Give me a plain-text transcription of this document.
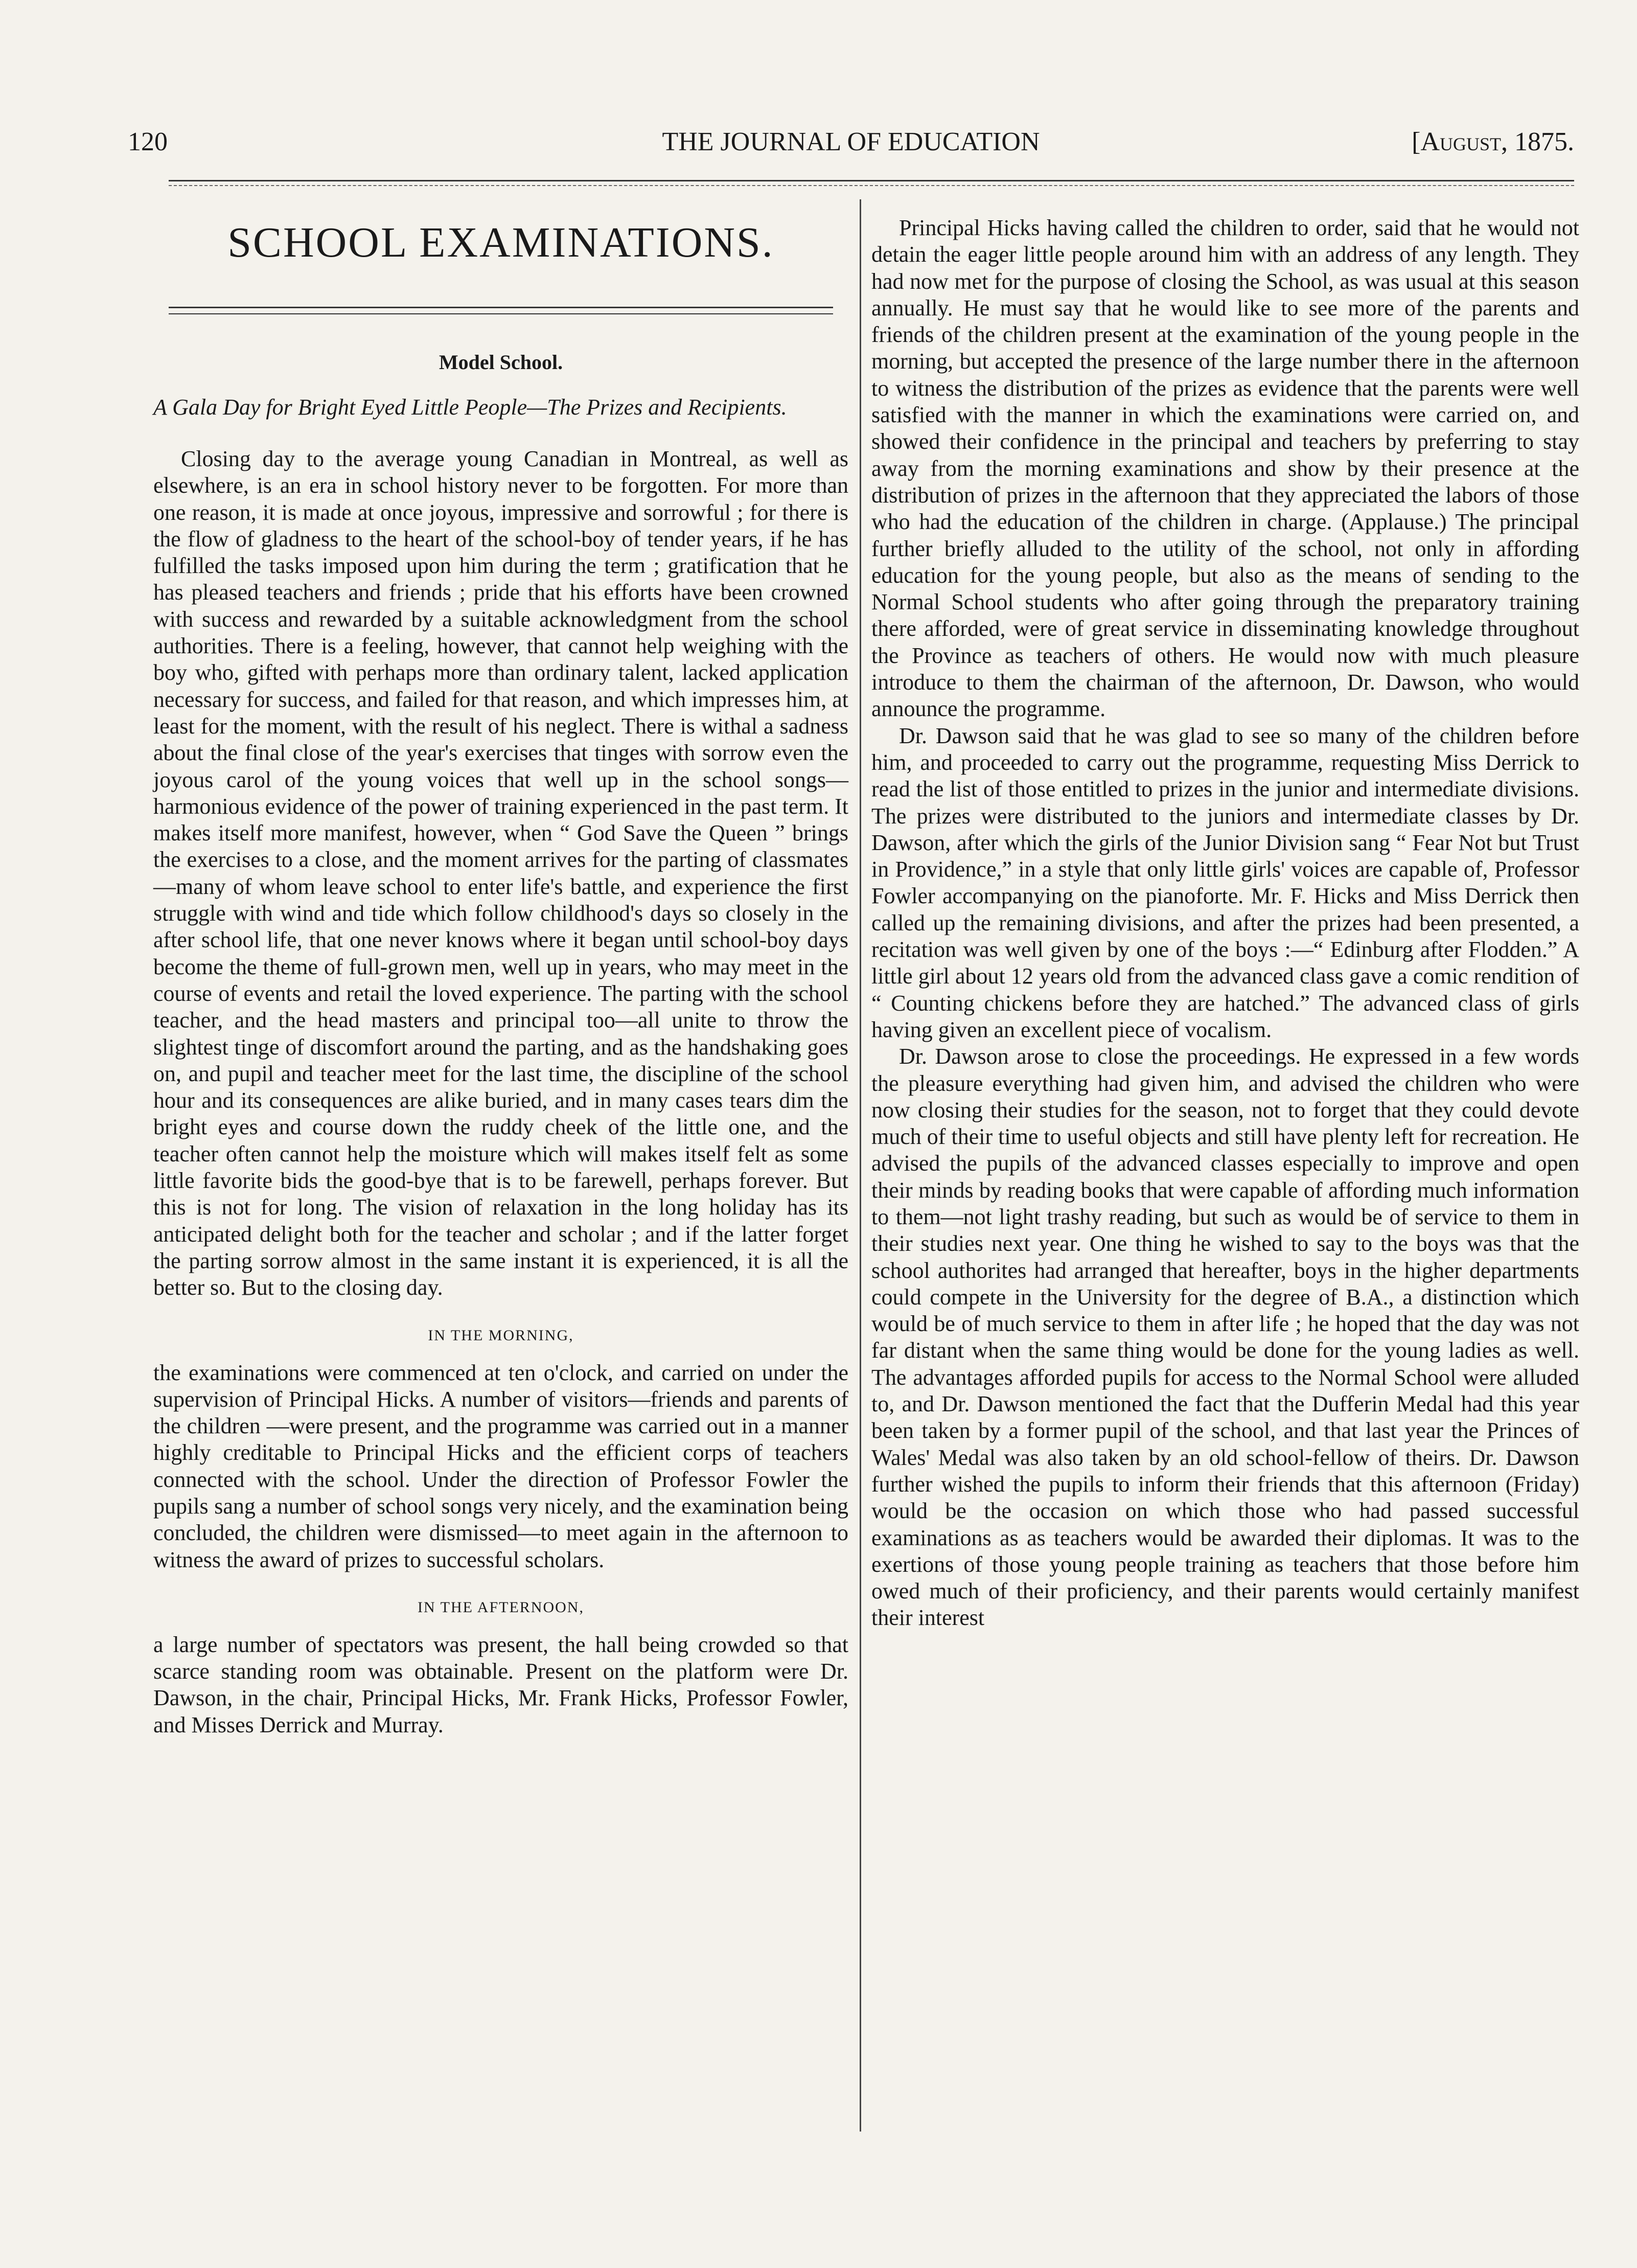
120	THE JOURNAL OF EDUCATION	[August, 1875.
SCHOOL EXAMINATIONS.
Model School.
A Gala Day for Bright Eyed Little People—The Prizes and Recipients.

Closing day to the average young Canadian in Montreal, as well as elsewhere, is an era in school history never to be forgotten. For more than one reason, it is made at once joyous, impressive and sorrowful ; for there is the flow of gladness to the heart of the school-boy of tender years, if he has fulfilled the tasks imposed upon him during the term ; gratification that he has pleased teachers and friends ; pride that his efforts have been crowned with success and rewarded by a suitable acknowledgment from the school authorities. There is a feeling, however, that cannot help weighing with the boy who, gifted with perhaps more than ordinary talent, lacked application necessary for success, and failed for that reason, and which impresses him, at least for the moment, with the result of his neglect. There is withal a sadness about the final close of the year's exercises that tinges with sorrow even the joyous carol of the young voices that well up in the school songs—harmonious evidence of the power of training experienced in the past term. It makes itself more manifest, however, when “ God Save the Queen ” brings the exercises to a close, and the moment arrives for the parting of classmates—many of whom leave school to enter life's battle, and experience the first struggle with wind and tide which follow childhood's days so closely in the after school life, that one never knows where it began until school-boy days become the theme of full-grown men, well up in years, who may meet in the course of events and retail the loved experience. The parting with the school teacher, and the head masters and principal too—all unite to throw the slightest tinge of discomfort around the parting, and as the handshaking goes on, and pupil and teacher meet for the last time, the discipline of the school hour and its consequences are alike buried, and in many cases tears dim the bright eyes and course down the ruddy cheek of the little one, and the teacher often cannot help the moisture which will makes itself felt as some little favorite bids the good-bye that is to be farewell, perhaps forever. But this is not for long. The vision of relaxation in the long holiday has its anticipated delight both for the teacher and scholar ; and if the latter forget the parting sorrow almost in the same instant it is experienced, it is all the better so. But to the closing day.

IN THE MORNING,

the examinations were commenced at ten o'clock, and carried on under the supervision of Principal Hicks. A number of visitors—friends and parents of the children —were present, and the programme was carried out in a manner highly creditable to Principal Hicks and the efficient corps of teachers connected with the school. Under the direction of Professor Fowler the pupils sang a number of school songs very nicely, and the examination being concluded, the children were dismissed—to meet again in the afternoon to witness the award of prizes to successful scholars.

IN THE AFTERNOON,

a large number of spectators was present, the hall being crowded so that scarce standing room was obtainable. Present on the platform were Dr. Dawson, in the chair, Principal Hicks, Mr. Frank Hicks, Professor Fowler, and Misses Derrick and Murray.

Principal Hicks having called the children to order, said that he would not detain the eager little people around him with an address of any length. They had now met for the purpose of closing the School, as was usual at this season annually. He must say that he would like to see more of the parents and friends of the children present at the examination of the young people in the morning, but accepted the presence of the large number there in the afternoon to witness the distribution of the prizes as evidence that the parents were well satisfied with the manner in which the examinations were carried on, and showed their confidence in the principal and teachers by preferring to stay away from the morning examinations and show by their presence at the distribution of prizes in the afternoon that they appreciated the labors of those who had the education of the children in charge. (Applause.) The principal further briefly alluded to the utility of the school, not only in affording education for the young people, but also as the means of sending to the Normal School students who after going through the preparatory training there afforded, were of great service in disseminating knowledge throughout the Province as teachers of others. He would now with much pleasure introduce to them the chairman of the afternoon, Dr. Dawson, who would announce the programme.

Dr. Dawson said that he was glad to see so many of the children before him, and proceeded to carry out the programme, requesting Miss Derrick to read the list of those entitled to prizes in the junior and intermediate divisions. The prizes were distributed to the juniors and intermediate classes by Dr. Dawson, after which the girls of the Junior Division sang “ Fear Not but Trust in Providence,” in a style that only little girls' voices are capable of, Professor Fowler accompanying on the pianoforte. Mr. F. Hicks and Miss Derrick then called up the remaining divisions, and after the prizes had been presented, a recitation was well given by one of the boys :—“ Edinburg after Flodden.” A little girl about 12 years old from the advanced class gave a comic rendition of “ Counting chickens before they are hatched.” The advanced class of girls having given an excellent piece of vocalism.

Dr. Dawson arose to close the proceedings. He expressed in a few words the pleasure everything had given him, and advised the children who were now closing their studies for the season, not to forget that they could devote much of their time to useful objects and still have plenty left for recreation. He advised the pupils of the advanced classes especially to improve and open their minds by reading books that were capable of affording much information to them—not light trashy reading, but such as would be of service to them in their studies next year. One thing he wished to say to the boys was that the school authorites had arranged that hereafter, boys in the higher departments could compete in the University for the degree of B.A., a distinction which would be of much service to them in after life ; he hoped that the day was not far distant when the same thing would be done for the young ladies as well. The advantages afforded pupils for access to the Normal School were alluded to, and Dr. Dawson mentioned the fact that the Dufferin Medal had this year been taken by a former pupil of the school, and that last year the Princes of Wales' Medal was also taken by an old school-fellow of theirs. Dr. Dawson further wished the pupils to inform their friends that this afternoon (Friday) would be the occasion on which those who had passed successful examinations as as teachers would be awarded their diplomas. It was to the exertions of those young people training as teachers that those before him owed much of their proficiency, and their parents would certainly manifest their interest
